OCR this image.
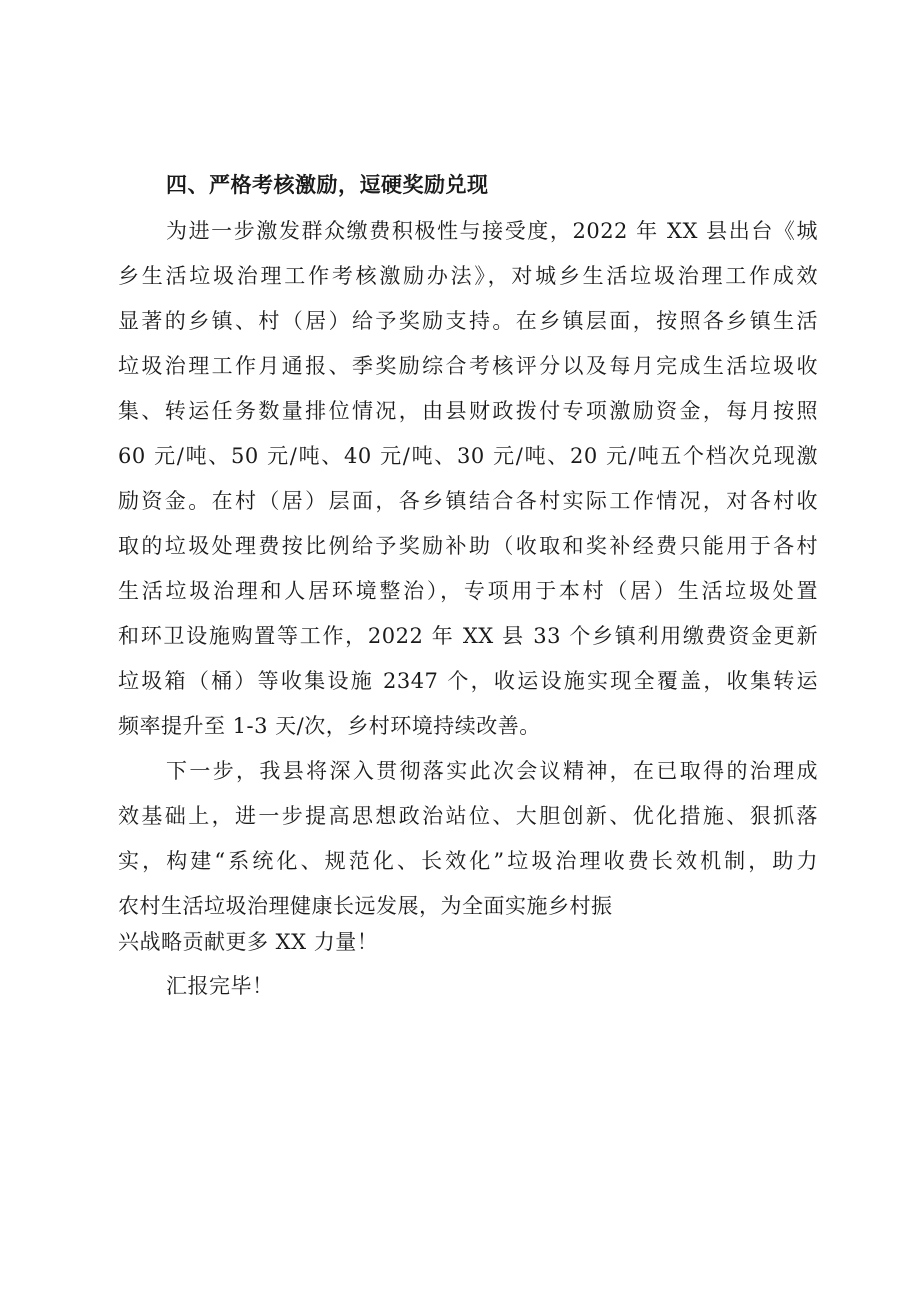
四、严格考核激励，逗硬奖励兑现
为进一步激发群众缴费积极性与接受度，2022 年 XX 县出台《城
乡生活垃圾治理工作考核激励办法》，对城乡生活垃圾治理工作成效
显著的乡镇、村（居）给予奖励支持。在乡镇层面，按照各乡镇生活
垃圾治理工作月通报、季奖励综合考核评分以及每月完成生活垃圾收
集、转运任务数量排位情况，由县财政拨付专项激励资金，每月按照
60 元/吨、50 元/吨、40 元/吨、30 元/吨、20 元/吨五个档次兑现激
励资金。在村（居）层面，各乡镇结合各村实际工作情况，对各村收
取的垃圾处理费按比例给予奖励补助（收取和奖补经费只能用于各村
生活垃圾治理和人居环境整治），专项用于本村（居）生活垃圾处置
和环卫设施购置等工作，2022 年 XX 县 33 个乡镇利用缴费资金更新
垃圾箱（桶）等收集设施 2347 个，收运设施实现全覆盖，收集转运
频率提升至 1-3 天/次，乡村环境持续改善。
下一步，我县将深入贯彻落实此次会议精神，在已取得的治理成
效基础上，进一步提高思想政治站位、大胆创新、优化措施、狠抓落
实，构建“系统化、规范化、长效化”垃圾治理收费长效机制，助力
农村生活垃圾治理健康长远发展，为全面实施乡村振
兴战略贡献更多 XX 力量！
汇报完毕！
